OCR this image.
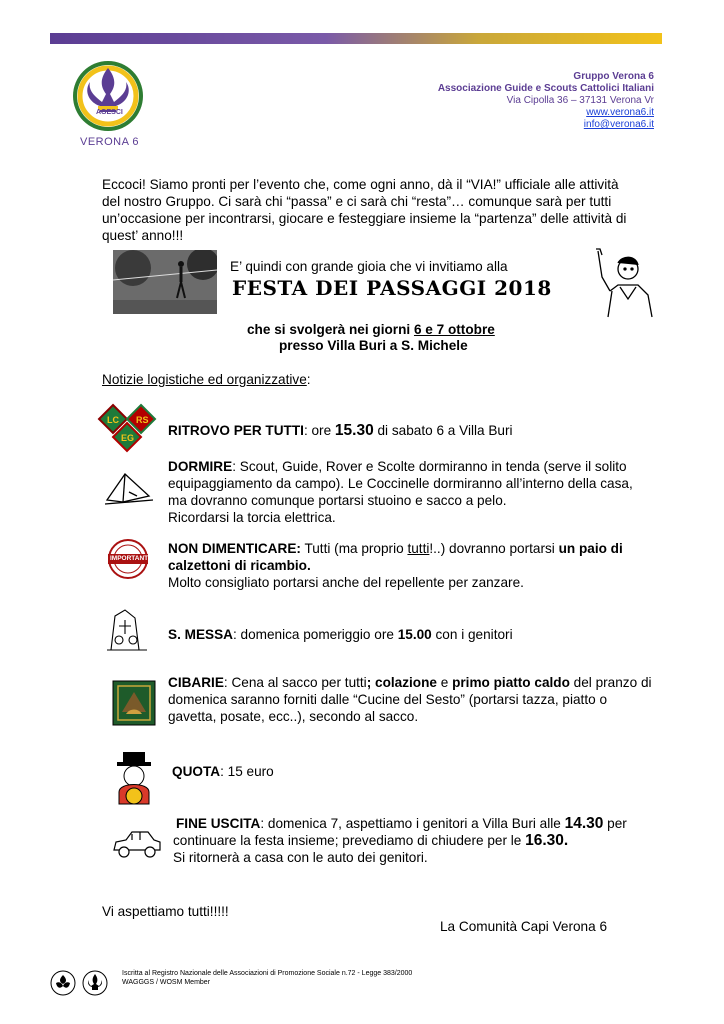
AGESCI
VERONA 6
Gruppo Verona 6
Associazione Guide e Scouts Cattolici Italiani
Via Cipolla 36 – 37131 Verona Vr
www.verona6.it
info@verona6.it
Eccoci! Siamo pronti per l’evento che, come ogni anno, dà il “VIA!” ufficiale alle attività del nostro Gruppo. Ci sarà chi “passa” e ci sarà chi “resta”… comunque sarà per tutti un’occasione per incontrarsi, giocare e festeggiare insieme la “partenza” delle attività di quest’ anno!!!
E’ quindi con grande gioia che vi invitiamo alla
FESTA DEI PASSAGGI 2018
che si svolgerà nei giorni 6 e 7 ottobre
presso Villa Buri a S. Michele
Notizie logistiche ed organizzative:
LC RS
EG RITROVO PER TUTTI: ore 15.30 di sabato 6 a Villa Buri
DORMIRE: Scout, Guide, Rover e Scolte dormiranno in tenda (serve il solito equipaggiamento da campo). Le Coccinelle dormiranno all’interno della casa, ma dovranno comunque portarsi stuoino e sacco a pelo.
Ricordarsi la torcia elettrica.
IMPORTANT
NON DIMENTICARE: Tutti (ma proprio tutti!..) dovranno portarsi un paio di calzettoni di ricambio.
Molto consigliato portarsi anche del repellente per zanzare.
S. MESSA: domenica pomeriggio ore 15.00 con i genitori
CIBARIE: Cena al sacco per tutti; colazione e primo piatto caldo del pranzo di domenica saranno forniti dalle “Cucine del Sesto” (portarsi tazza, piatto o gavetta, posate, ecc..), secondo al sacco.
QUOTA: 15 euro
FINE USCITA: domenica 7, aspettiamo i genitori a Villa Buri alle 14.30 per
continuare la festa insieme; prevediamo di chiudere per le 16.30.
Si ritornerà a casa con le auto dei genitori.
Vi aspettiamo tutti!!!!!
La Comunità Capi Verona 6
Iscritta al Registro Nazionale delle Associazioni di Promozione Sociale n.72 - Legge 383/2000
WAGGGS / WOSM Member
